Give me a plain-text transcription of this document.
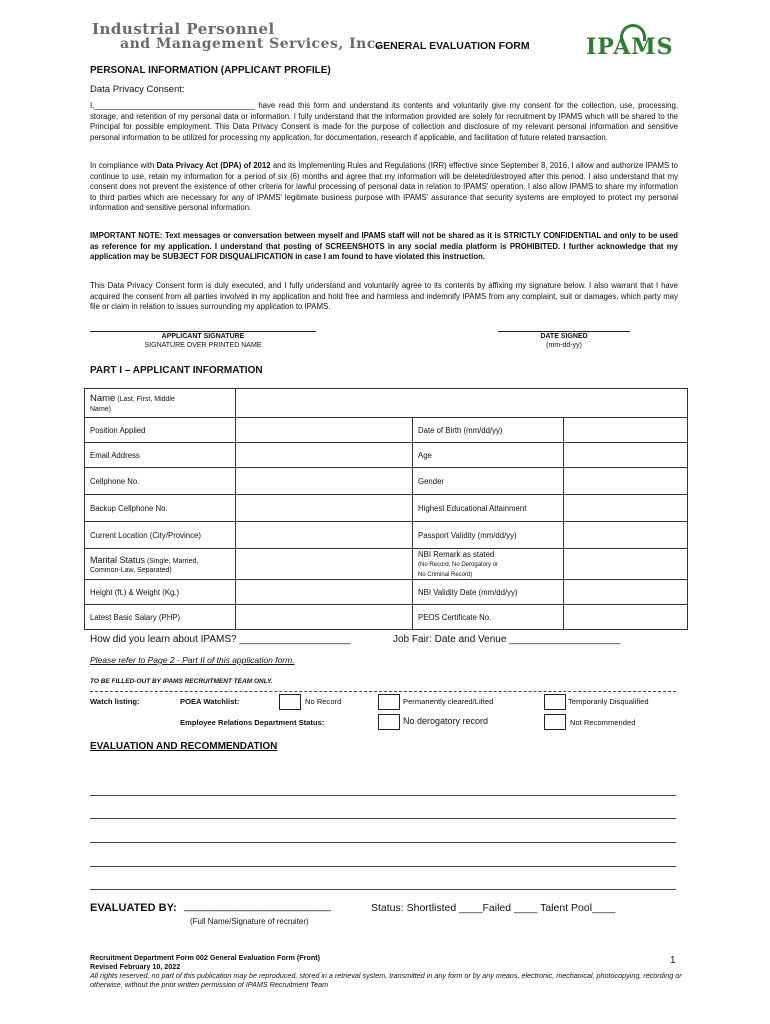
Industrial Personnel
and Management Services, Inc.
GENERAL EVALUATION FORM	IPAMS
PERSONAL INFORMATION (APPLICANT PROFILE)
Data Privacy Consent:
I,_____________________________________ have read this form and understand its contents and voluntarily give my consent for the collection, use, processing, storage, and retention of my personal data or information. I fully understand that the information provided are solely for recruitment by IPAMS which will be shared to the Principal for possible employment. This Data Privacy Consent is made for the purpose of collection and disclosure of my relevant personal information and sensitive personal information to be utilized for processing my application, for documentation, research if applicable, and facilitation of future related transaction.
In compliance with Data Privacy Act (DPA) of 2012 and its Implementing Rules and Regulations (IRR) effective since September 8, 2016, I allow and authorize IPAMS to continue to use, retain my information for a period of six (6) months and agree that my information will be deleted/destroyed after this period. I also understand that my consent does not prevent the existence of other criteria for lawful processing of personal data in relation to IPAMS' operation. I also allow IPAMS to share my information to third parties which are necessary for any of IPAMS' legitimate business purpose with IPAMS' assurance that security systems are employed to protect my personal information and sensitive personal information.
IMPORTANT NOTE: Text messages or conversation between myself and IPAMS staff will not be shared as it is STRICTLY CONFIDENTIAL and only to be used as reference for my application. I understand that posting of SCREENSHOTS in any social media platform is PROHIBITED. I further acknowledge that my application may be SUBJECT FOR DISQUALIFICATION in case I am found to have violated this instruction.
This Data Privacy Consent form is duly executed, and I fully understand and voluntarily agree to its contents by affixing my signature below. I also warrant that I have acquired the consent from all parties involved in my application and hold free and harmless and indemnify IPAMS from any complaint, suit or damages, which party may file or claim in relation to issues surrounding my application to IPAMS.
APPLICANT SIGNATURE
SIGNATURE OVER PRINTED NAME
DATE SIGNED
(mm-dd-yy)
PART I – APPLICANT INFORMATION
Name (Last, First, Middle
Name)			
Position Applied		Date of Birth (mm/dd/yy)	
Email Address		Age	
Cellphone No.		Gender	
Backup Cellphone No.		Highest Educational Attainment	
Current Location (City/Province)		Passport Validity (mm/dd/yy)	
Marital Status (Single, Married,
Common-Law, Separated)		NBI Remark as stated
(No Record, No Derogatory or
No Criminal Record)	
Height (ft.) & Weight (Kg.)		NBI Validity Date (mm/dd/yy)	
Latest Basic Salary (PHP)		PEOS Certificate No.	
How did you learn about IPAMS? ____________________	Job Fair: Date and Venue ____________________
Please refer to Page 2 - Part II of this application form.
TO BE FILLED-OUT BY IPAMS RECRUITMENT TEAM ONLY.
Watch listing:	POEA Watchlist:	No Record	Permanently cleared/Lifted	Temporarily Disqualified
Employee Relations Department Status:	No derogatory record	Not Recommended
EVALUATION AND RECOMMENDATION
EVALUATED BY: ________________________
(Full Name/Signature of recruiter)
Status: Shortlisted ____Failed ____ Talent Pool____
Recruitment Department Form 002 General Evaluation Form (Front)
Revised February 10, 2022
All rights reserved, no part of this publication may be reproduced, stored in a retrieval system, transmitted in any form or by any means, electronic, mechanical, photocopying, recording or otherwise, without the prior written permission of IPAMS Recruitment Team
1
